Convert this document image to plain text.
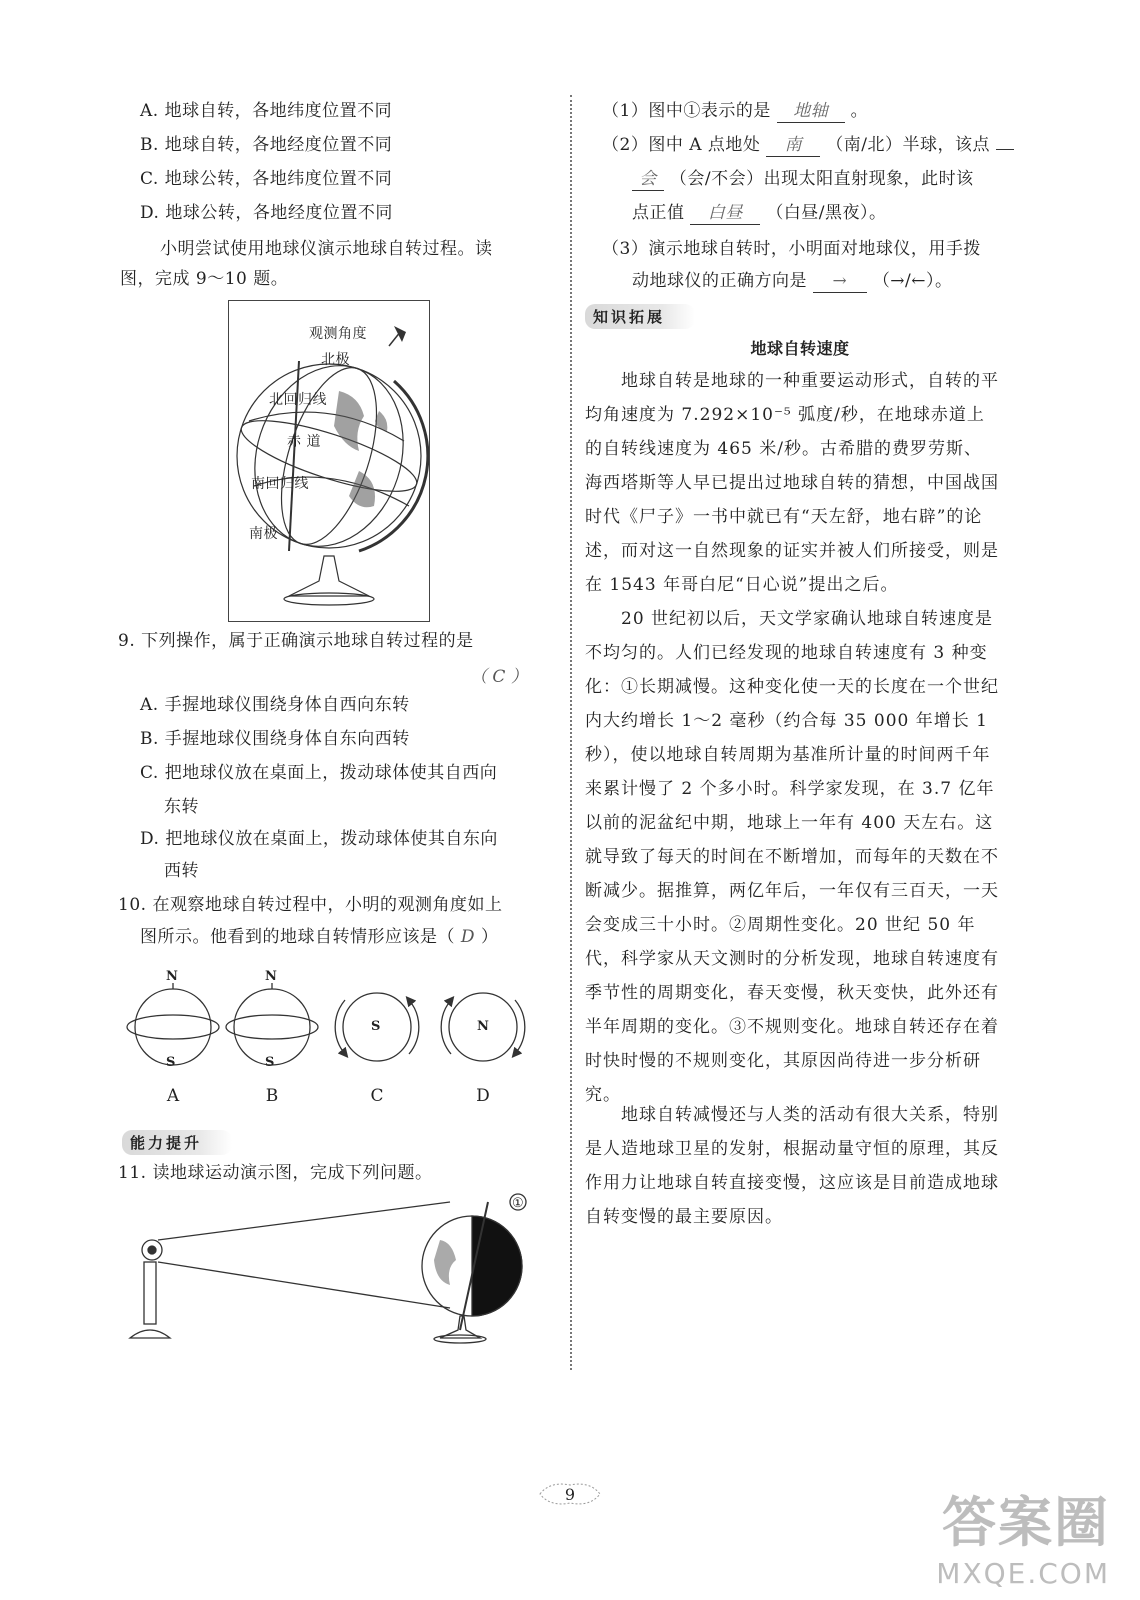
A. 地球自转，各地纬度位置不同
B. 地球自转，各地经度位置不同
C. 地球公转，各地纬度位置不同
D. 地球公转，各地经度位置不同
小明尝试使用地球仪演示地球自转过程。读
图，完成 9～10 题。
观测角度
北极
北回归线
赤 道
南回归线
南极
9. 下列操作，属于正确演示地球自转过程的是
（ C ）
A. 手握地球仪围绕身体自西向东转
B. 手握地球仪围绕身体自东向西转
C. 把地球仪放在桌面上，拨动球体使其自西向
东转
D. 把地球仪放在桌面上，拨动球体使其自东向
西转
10. 在观察地球自转过程中，小明的观测角度如上
图所示。他看到的地球自转情形应该是（ D ）
N
S
N
S
S	N
A	B	C	D
能力提升
11. 读地球运动演示图，完成下列问题。
①
（1）图中①表示的是 地轴 。
（2）图中 A 点地处 南 （南/北）半球，该点
会 （会/不会）出现太阳直射现象，此时该
点正值 白昼 （白昼/黑夜）。
（3）演示地球自转时，小明面对地球仪，用手拨
动地球仪的正确方向是 → （→/←）。
知识拓展
地球自转速度
地球自转是地球的一种重要运动形式，自转的平均角速度为 7.292×10⁻⁵ 弧度/秒，在地球赤道上的自转线速度为 465 米/秒。古希腊的费罗劳斯、海西塔斯等人早已提出过地球自转的猜想，中国战国时代《尸子》一书中就已有“天左舒，地右辟”的论述，而对这一自然现象的证实并被人们所接受，则是在 1543 年哥白尼“日心说”提出之后。
20 世纪初以后，天文学家确认地球自转速度是不均匀的。人们已经发现的地球自转速度有 3 种变化：①长期减慢。这种变化使一天的长度在一个世纪内大约增长 1～2 毫秒（约合每 35 000 年增长 1 秒），使以地球自转周期为基准所计量的时间两千年来累计慢了 2 个多小时。科学家发现，在 3.7 亿年以前的泥盆纪中期，地球上一年有 400 天左右。这就导致了每天的时间在不断增加，而每年的天数在不断减少。据推算，两亿年后，一年仅有三百天，一天会变成三十小时。②周期性变化。20 世纪 50 年代，科学家从天文测时的分析发现，地球自转速度有季节性的周期变化，春天变慢，秋天变快，此外还有半年周期的变化。③不规则变化。地球自转还存在着时快时慢的不规则变化，其原因尚待进一步分析研究。
地球自转减慢还与人类的活动有很大关系，特别是人造地球卫星的发射，根据动量守恒的原理，其反作用力让地球自转直接变慢，这应该是目前造成地球自转变慢的最主要原因。
9	答案圈
MXQE.COM
